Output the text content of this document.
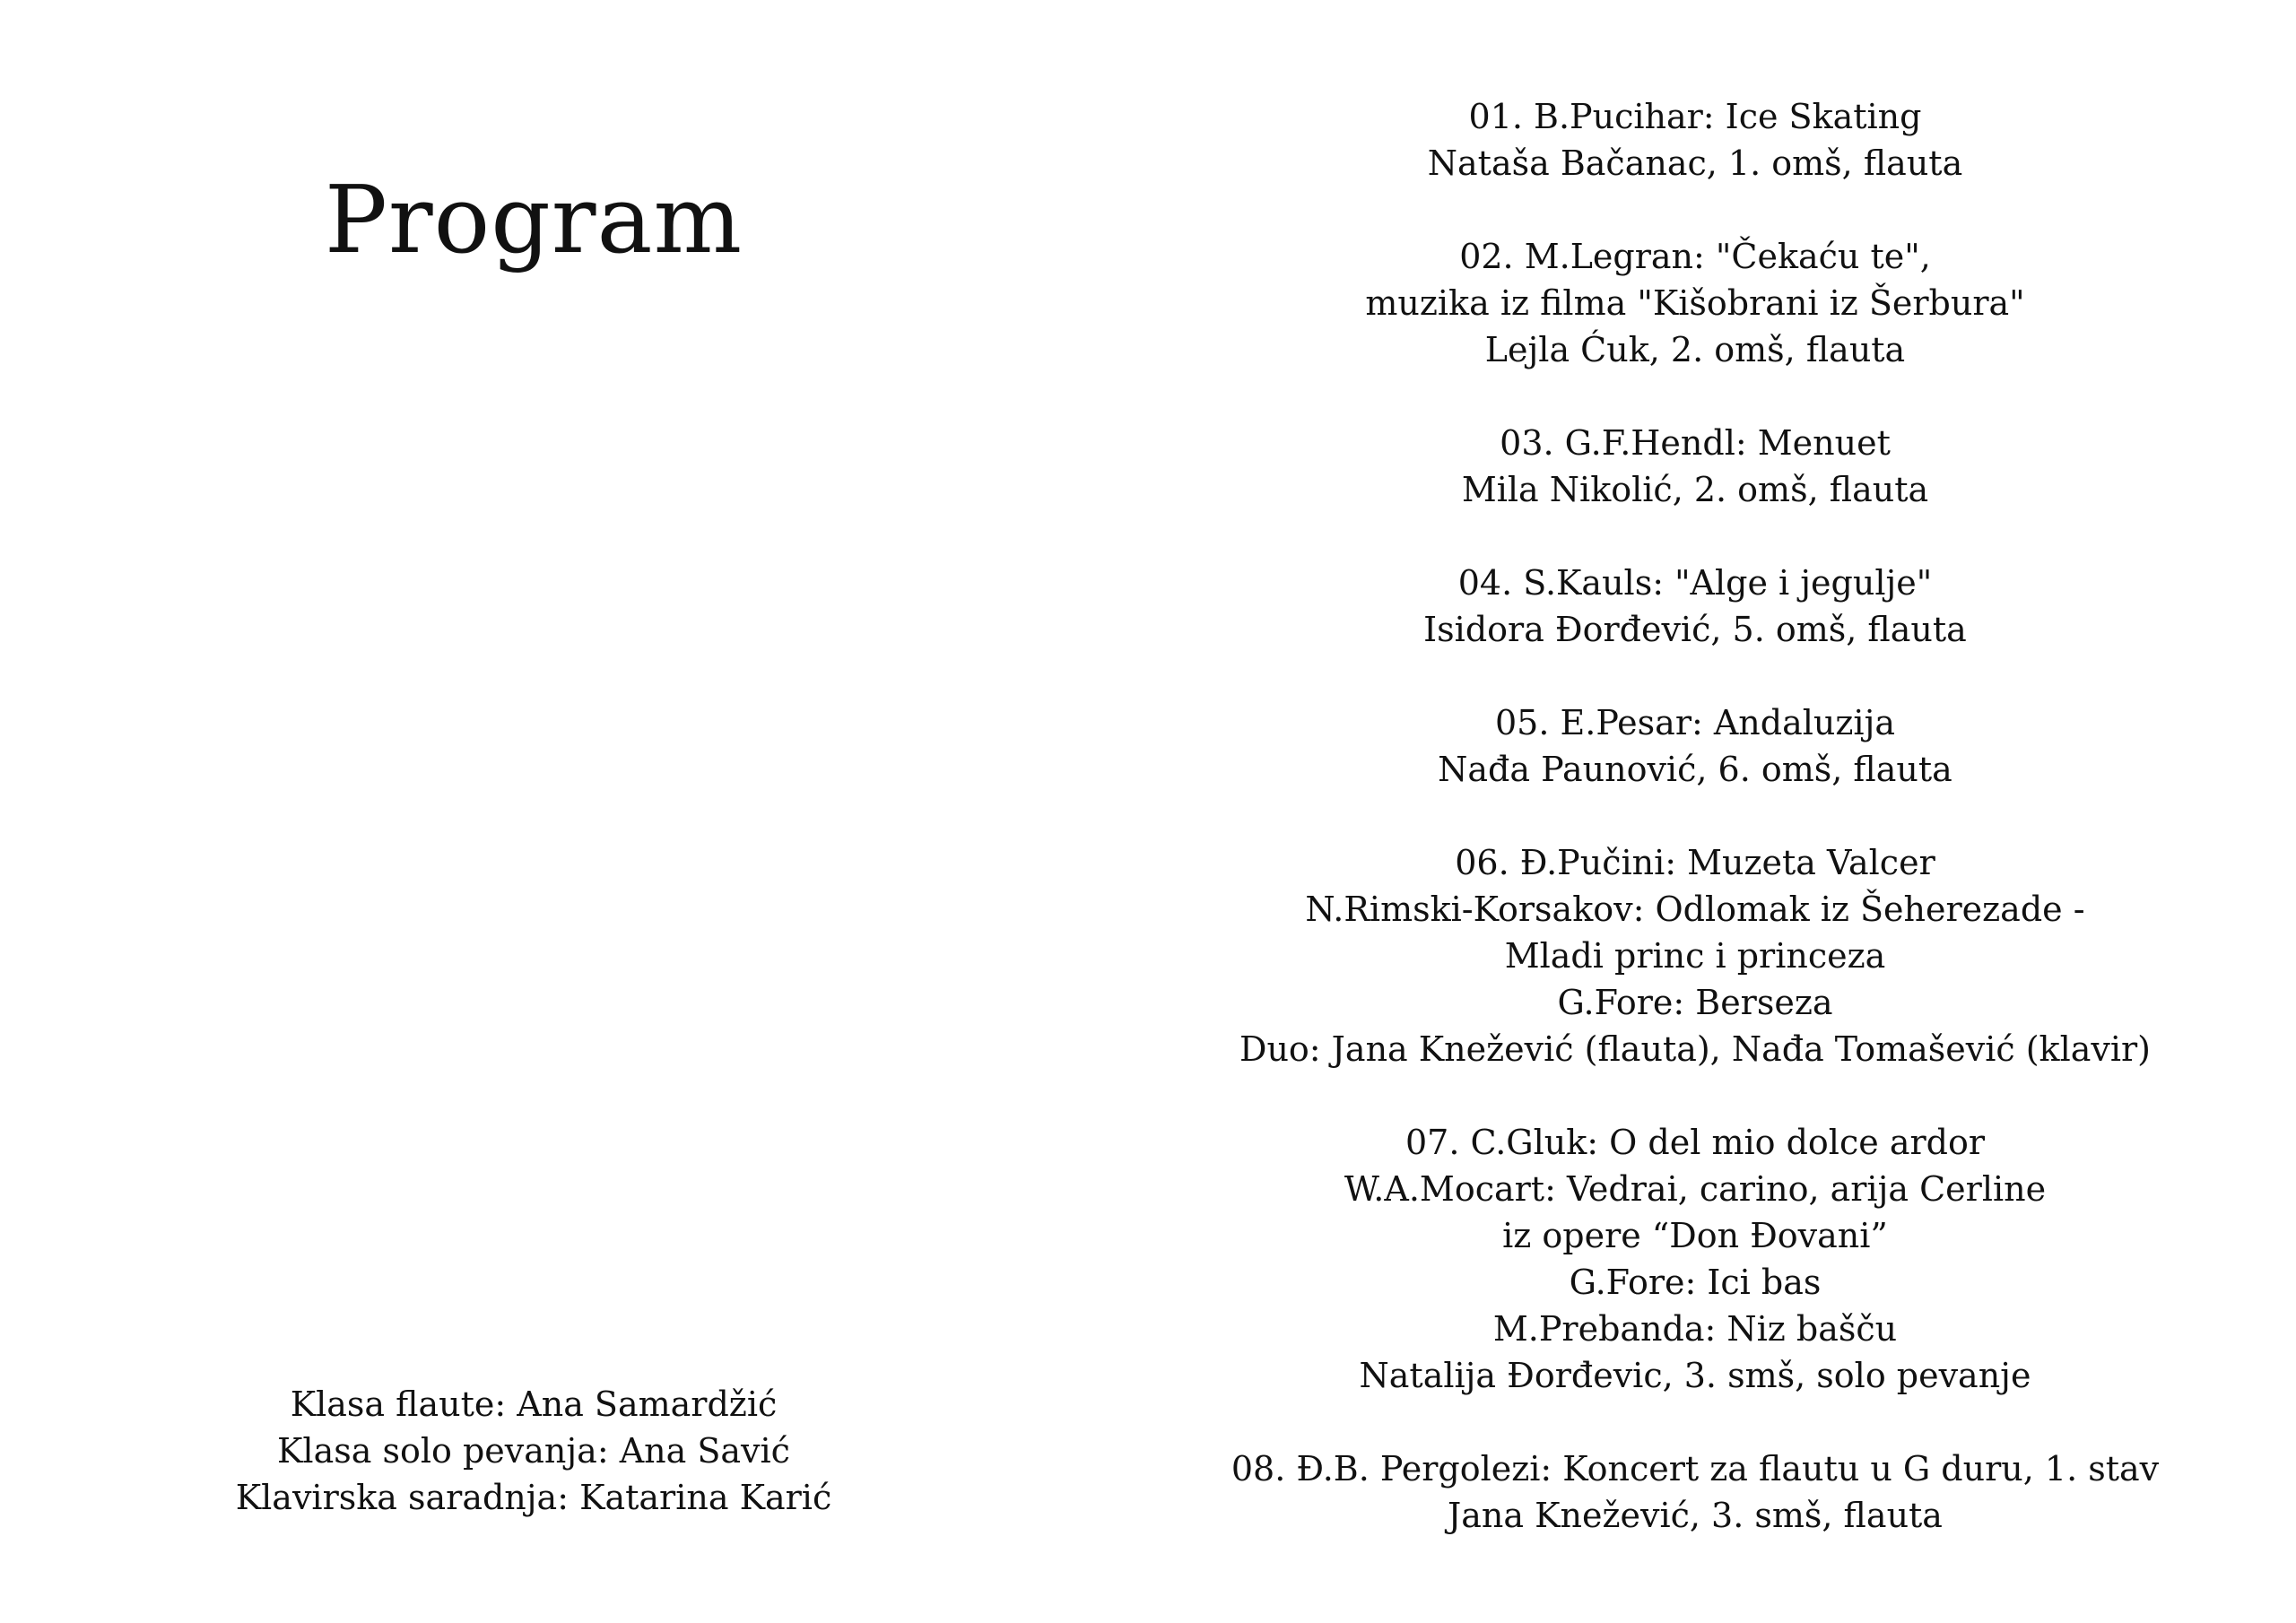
Program
Klasa flaute: Ana Samardžić
Klasa solo pevanja: Ana Savić
Klavirska saradnja: Katarina Karić
01. B.Pucihar: Ice Skating
Nataša Bačanac, 1. omš, flauta
02. M.Legran: "Čekaću te",
muzika iz filma "Kišobrani iz Šerbura"
Lejla Ćuk, 2. omš, flauta
03. G.F.Hendl: Menuet
Mila Nikolić, 2. omš, flauta
04. S.Kauls: "Alge i jegulje"
Isidora Đorđević, 5. omš, flauta
05. E.Pesar: Andaluzija
Nađa Paunović, 6. omš, flauta
06. Đ.Pučini: Muzeta Valcer
N.Rimski-Korsakov: Odlomak iz Šeherezade -
Mladi princ i princeza
G.Fore: Berseza
Duo: Jana Knežević (flauta), Nađa Tomašević (klavir)
07. C.Gluk: O del mio dolce ardor
W.A.Mocart: Vedrai, carino, arija Cerline
iz opere “Don Đovani”
G.Fore: Ici bas
M.Prebanda: Niz bašču
Natalija Đorđevic, 3. smš, solo pevanje
08. Đ.B. Pergolezi: Koncert za flautu u G duru, 1. stav
Jana Knežević, 3. smš, flauta
